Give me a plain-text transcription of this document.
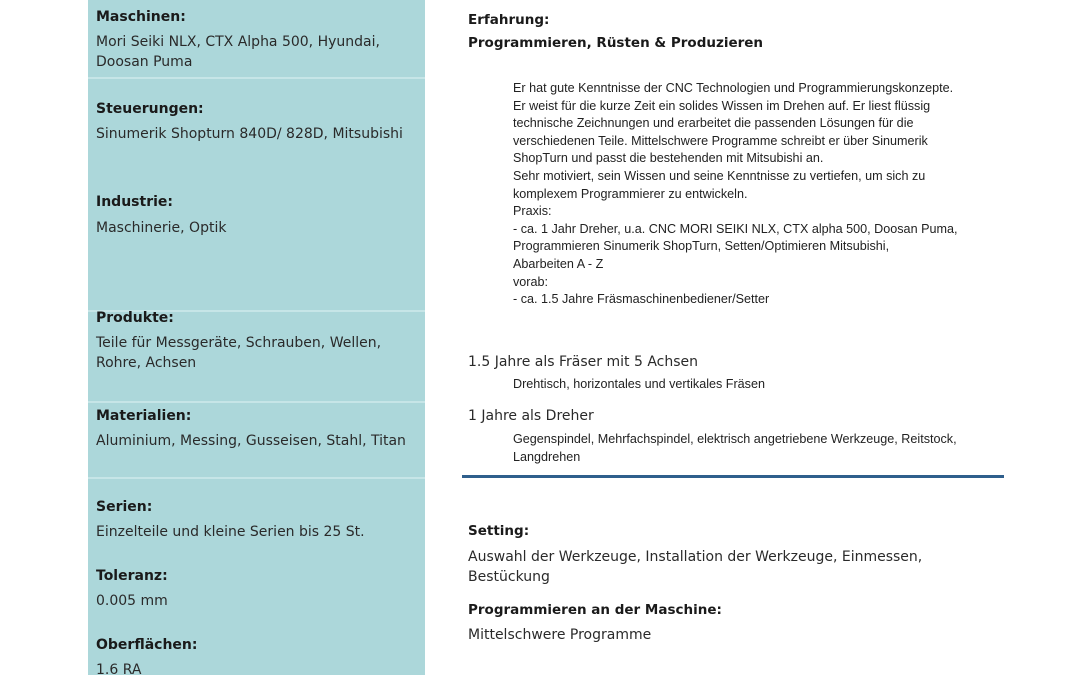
Maschinen:
Mori Seiki NLX, CTX Alpha 500, Hyundai, Doosan Puma
Steuerungen:
Sinumerik Shopturn 840D/ 828D, Mitsubishi
Industrie:
Maschinerie, Optik
Produkte:
Teile für Messgeräte, Schrauben, Wellen, Rohre, Achsen
Materialien:
Aluminium, Messing, Gusseisen, Stahl, Titan
Serien:
Einzelteile und kleine Serien bis 25 St.
Toleranz:
0.005 mm
Oberflächen:
1.6 RA
Erfahrung:
Programmieren, Rüsten & Produzieren
Er hat gute Kenntnisse der CNC Technologien und Programmierungskonzepte.
Er weist für die kurze Zeit ein solides Wissen im Drehen auf. Er liest flüssig
technische Zeichnungen und erarbeitet die passenden Lösungen für die
verschiedenen Teile. Mittelschwere Programme schreibt er über Sinumerik
ShopTurn und passt die bestehenden mit Mitsubishi an.
Sehr motiviert, sein Wissen und seine Kenntnisse zu vertiefen, um sich zu
komplexem Programmierer zu entwickeln.
Praxis:
- ca. 1 Jahr Dreher, u.a. CNC MORI SEIKI NLX, CTX alpha 500, Doosan Puma,
Programmieren Sinumerik ShopTurn, Setten/Optimieren Mitsubishi,
Abarbeiten A - Z
vorab:
- ca. 1.5 Jahre Fräsmaschinenbediener/Setter
1.5 Jahre als Fräser mit 5 Achsen
Drehtisch, horizontales und vertikales Fräsen
1 Jahre als Dreher
Gegenspindel, Mehrfachspindel, elektrisch angetriebene Werkzeuge, Reitstock,
Langdrehen
Setting:
Auswahl der Werkzeuge, Installation der Werkzeuge, Einmessen, Bestückung
Programmieren an der Maschine:
Mittelschwere Programme
